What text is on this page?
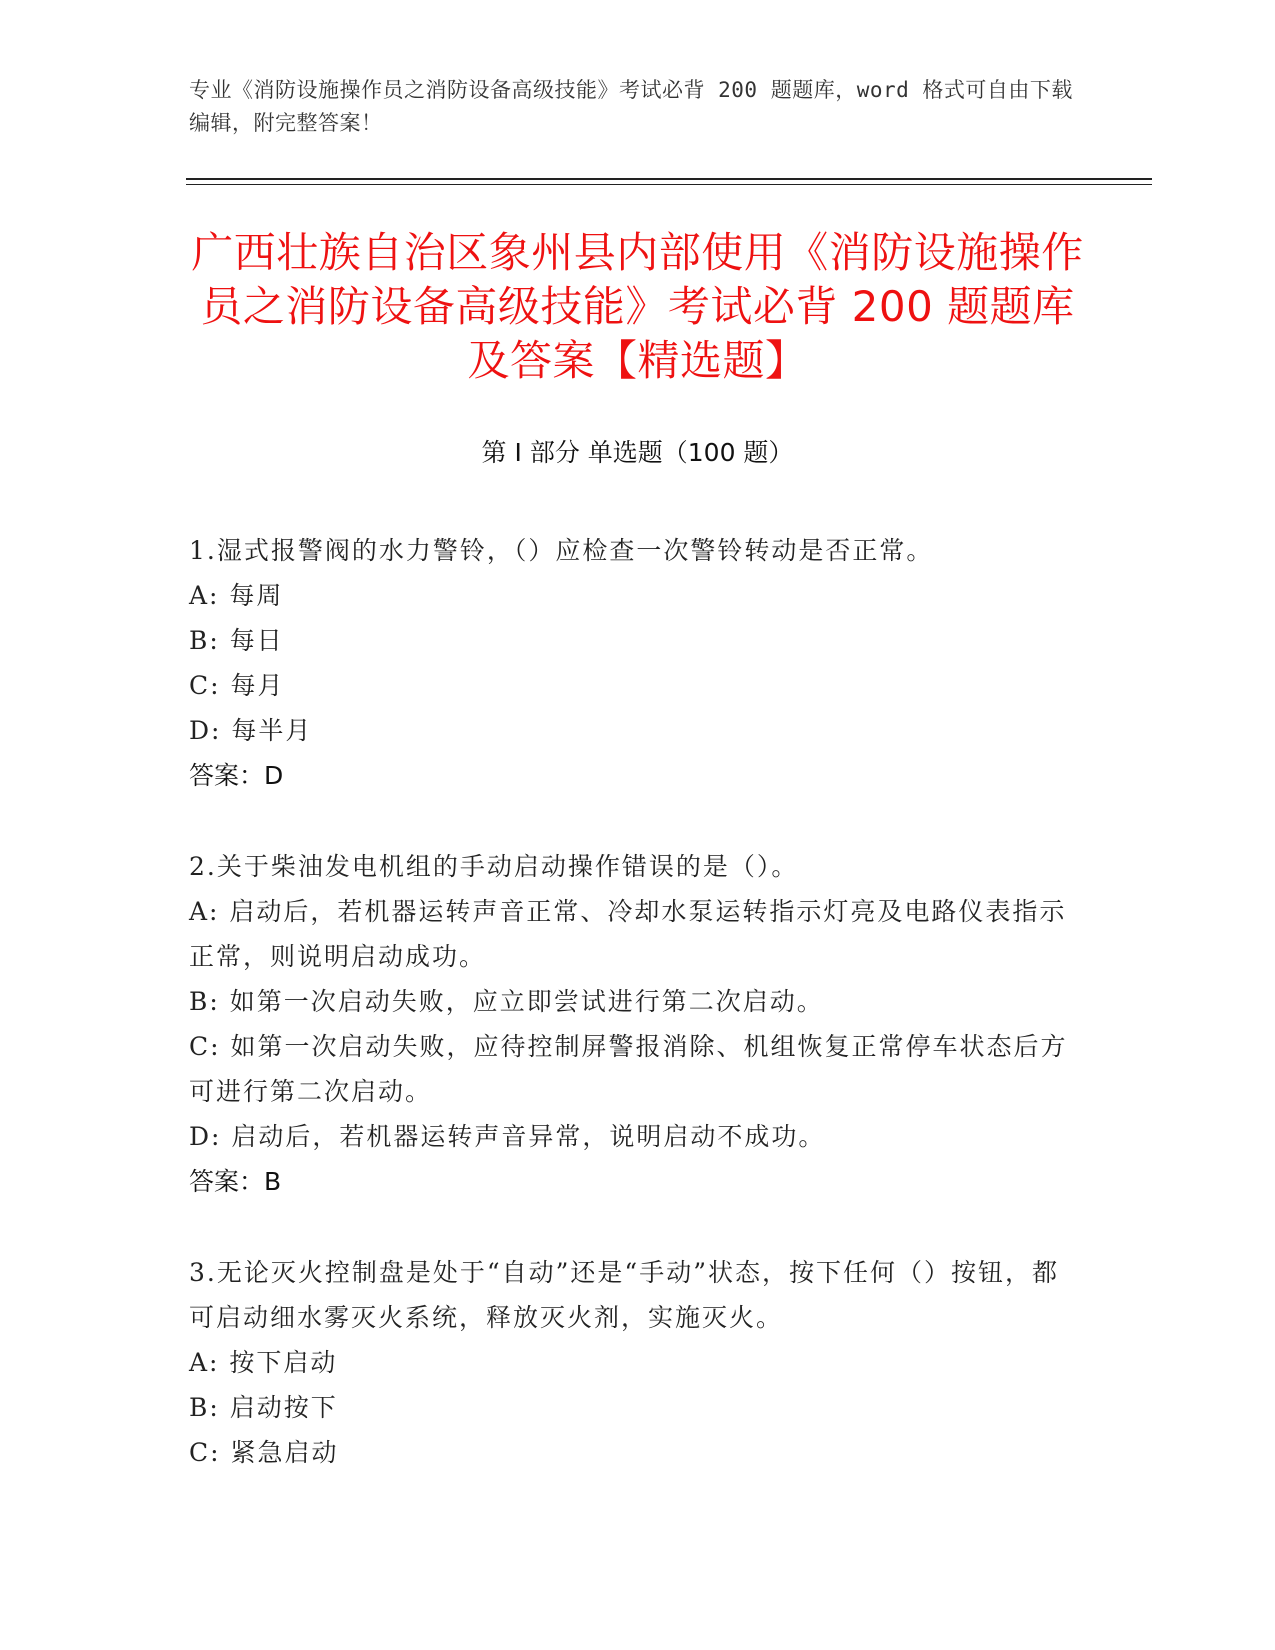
专业《消防设施操作员之消防设备高级技能》考试必背 200 题题库，word 格式可自由下载编辑，附完整答案！
广西壮族自治区象州县内部使用《消防设施操作员之消防设备高级技能》考试必背 200 题题库及答案【精选题】
第 I 部分 单选题（100 题）
1.湿式报警阀的水力警铃，（）应检查一次警铃转动是否正常。
A: 每周
B: 每日
C: 每月
D: 每半月
答案：D
2.关于柴油发电机组的手动启动操作错误的是（）。
A: 启动后，若机器运转声音正常、冷却水泵运转指示灯亮及电路仪表指示正常，则说明启动成功。
B: 如第一次启动失败，应立即尝试进行第二次启动。
C: 如第一次启动失败，应待控制屏警报消除、机组恢复正常停车状态后方可进行第二次启动。
D: 启动后，若机器运转声音异常，说明启动不成功。
答案：B
3.无论灭火控制盘是处于“自动”还是“手动”状态，按下任何（）按钮，都可启动细水雾灭火系统，释放灭火剂，实施灭火。
A: 按下启动
B: 启动按下
C: 紧急启动
